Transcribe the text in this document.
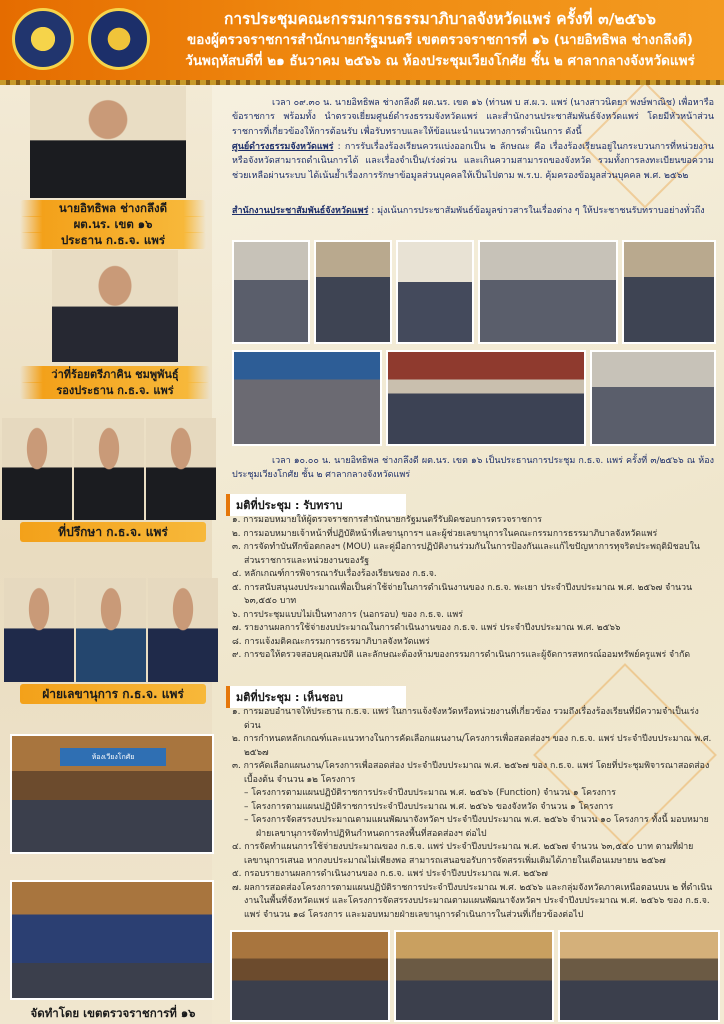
การประชุมคณะกรรมการธรรมาภิบาลจังหวัดแพร่ ครั้งที่ ๓/๒๕๖๖
ของผู้ตรวจราชการสำนักนายกรัฐมนตรี เขตตรวจราชการที่ ๑๖ (นายอิทธิพล ช่างกลึงดี)
วันพฤหัสบดีที่ ๒๑ ธันวาคม ๒๕๖๖ ณ ห้องประชุมเวียงโกศัย ชั้น ๒ ศาลากลางจังหวัดแพร่
นายอิทธิพล ช่างกลึงดี
ผต.นร. เขต ๑๖
ประธาน ก.ธ.จ. แพร่
ว่าที่ร้อยตรีภาคิน ชมพูพันธุ์
รองประธาน ก.ธ.จ. แพร่
ที่ปรึกษา ก.ธ.จ. แพร่
ฝ่ายเลขานุการ ก.ธ.จ. แพร่
ห้องเวียงโกศัย
จัดทำโดย เขตตรวจราชการที่ ๑๖
เวลา ๐๙.๓๐ น. นายอิทธิพล ช่างกลึงดี ผต.นร. เขต ๑๖ (ท่านพ บ ส.ผ.ว. แพร่ (นางสาวนิตยา พงษ์พาณิช) เพื่อหารือข้อราชการ พร้อมทั้ง นำตรวจเยี่ยมศูนย์ดำรงธรรมจังหวัดแพร่ และสำนักงานประชาสัมพันธ์จังหวัดแพร่ โดยมีหัวหน้าส่วนราชการที่เกี่ยวข้องให้การต้อนรับ เพื่อรับทราบและให้ข้อแนะนำแนวทางการดำเนินการ ดังนี้
ศูนย์ดำรงธรรมจังหวัดแพร่ : การรับเรื่องร้องเรียนควรแบ่งออกเป็น ๒ ลักษณะ คือ เรื่องร้องเรียนอยู่ในกระบวนการที่หน่วยงานหรือจังหวัดสามารถดำเนินการได้ และเรื่องจำเป็น/เร่งด่วน และเกินความสามารถของจังหวัด รวมทั้งการลงทะเบียนขอความช่วยเหลือผ่านระบบ ได้เน้นย้ำเรื่องการรักษาข้อมูลส่วนบุคคลให้เป็นไปตาม พ.ร.บ. คุ้มครองข้อมูลส่วนบุคคล พ.ศ. ๒๕๖๒
สำนักงานประชาสัมพันธ์จังหวัดแพร่ : มุ่งเน้นการประชาสัมพันธ์ข้อมูลข่าวสารในเรื่องต่าง ๆ ให้ประชาชนรับทราบอย่างทั่วถึง
เวลา ๑๐.๐๐ น. นายอิทธิพล ช่างกลึงดี ผต.นร. เขต ๑๖ เป็นประธานการประชุม ก.ธ.จ. แพร่ ครั้งที่ ๓/๒๕๖๖ ณ ห้องประชุมเวียงโกศัย ชั้น ๒ ศาลากลางจังหวัดแพร่
มติที่ประชุม : รับทราบ
๑. การมอบหมายให้ผู้ตรวจราชการสำนักนายกรัฐมนตรีรับผิดชอบการตรวจราชการ
๒. การมอบหมายเจ้าหน้าที่ปฏิบัติหน้าที่เลขานุการฯ และผู้ช่วยเลขานุการในคณะกรรมการธรรมาภิบาลจังหวัดแพร่
๓. การจัดทำบันทึกข้อตกลงฯ (MOU) และคู่มือการปฏิบัติงานร่วมกันในการป้องกันและแก้ไขปัญหาการทุจริตประพฤติมิชอบในส่วนราชการและหน่วยงานของรัฐ
๔. หลักเกณฑ์การพิจารณารับเรื่องร้องเรียนของ ก.ธ.จ.
๕. การสนับสนุนงบประมาณเพื่อเป็นค่าใช้จ่ายในการดำเนินงานของ ก.ธ.จ. พะเยา ประจำปีงบประมาณ พ.ศ. ๒๕๖๗ จำนวน ๖๓,๕๕๐ บาท
๖. การประชุมแบบไม่เป็นทางการ (นอกรอบ) ของ ก.ธ.จ. แพร่
๗. รายงานผลการใช้จ่ายงบประมาณในการดำเนินงานของ ก.ธ.จ. แพร่ ประจำปีงบประมาณ พ.ศ. ๒๕๖๖
๘. การแจ้งมติคณะกรรมการธรรมาภิบาลจังหวัดแพร่
๙. การขอให้ตรวจสอบคุณสมบัติ และลักษณะต้องห้ามของกรรมการดำเนินการและผู้จัดการสหกรณ์ออมทรัพย์ครูแพร่ จำกัด
มติที่ประชุม : เห็นชอบ
๑. การมอบอำนาจให้ประธาน ก.ธ.จ. แพร่ ในการแจ้งจังหวัดหรือหน่วยงานที่เกี่ยวข้อง รวมถึงเรื่องร้องเรียนที่มีความจำเป็นเร่งด่วน
๒. การกำหนดหลักเกณฑ์และแนวทางในการคัดเลือกแผนงาน/โครงการเพื่อสอดส่องฯ ของ ก.ธ.จ. แพร่ ประจำปีงบประมาณ พ.ศ. ๒๕๖๗
๓. การคัดเลือกแผนงาน/โครงการเพื่อสอดส่อง ประจำปีงบประมาณ พ.ศ. ๒๕๖๗ ของ ก.ธ.จ. แพร่ โดยที่ประชุมพิจารณาสอดส่องเบื้องต้น จำนวน ๑๒ โครงการ
– โครงการตามแผนปฏิบัติราชการประจำปีงบประมาณ พ.ศ. ๒๕๖๖ (Function) จำนวน ๑ โครงการ
– โครงการตามแผนปฏิบัติราชการประจำปีงบประมาณ พ.ศ. ๒๕๖๖ ของจังหวัด จำนวน ๑ โครงการ
– โครงการจัดสรรงบประมาณตามแผนพัฒนาจังหวัดฯ ประจำปีงบประมาณ พ.ศ. ๒๕๖๖ จำนวน ๑๐ โครงการ ทั้งนี้ มอบหมายฝ่ายเลขานุการจัดทำปฏิทินกำหนดการลงพื้นที่สอดส่องฯ ต่อไป
๔. การจัดทำแผนการใช้จ่ายงบประมาณของ ก.ธ.จ. แพร่ ประจำปีงบประมาณ พ.ศ. ๒๕๖๗ จำนวน ๖๓,๕๕๐ บาท ตามที่ฝ่ายเลขานุการเสนอ หากงบประมาณไม่เพียงพอ สามารถเสนอขอรับการจัดสรรเพิ่มเติมได้ภายในเดือนเมษายน ๒๕๖๗
๕. กรอบรายงานผลการดำเนินงานของ ก.ธ.จ. แพร่ ประจำปีงบประมาณ พ.ศ. ๒๕๖๗
๗. ผลการสอดส่องโครงการตามแผนปฏิบัติราชการประจำปีงบประมาณ พ.ศ. ๒๕๖๖ และกลุ่มจังหวัดภาคเหนือตอนบน ๒ ที่ดำเนินงานในพื้นที่จังหวัดแพร่ และโครงการจัดสรรงบประมาณตามแผนพัฒนาจังหวัดฯ ประจำปีงบประมาณ พ.ศ. ๒๕๖๖ ของ ก.ธ.จ. แพร่ จำนวน ๑๘ โครงการ และมอบหมายฝ่ายเลขานุการดำเนินการในส่วนที่เกี่ยวข้องต่อไป
